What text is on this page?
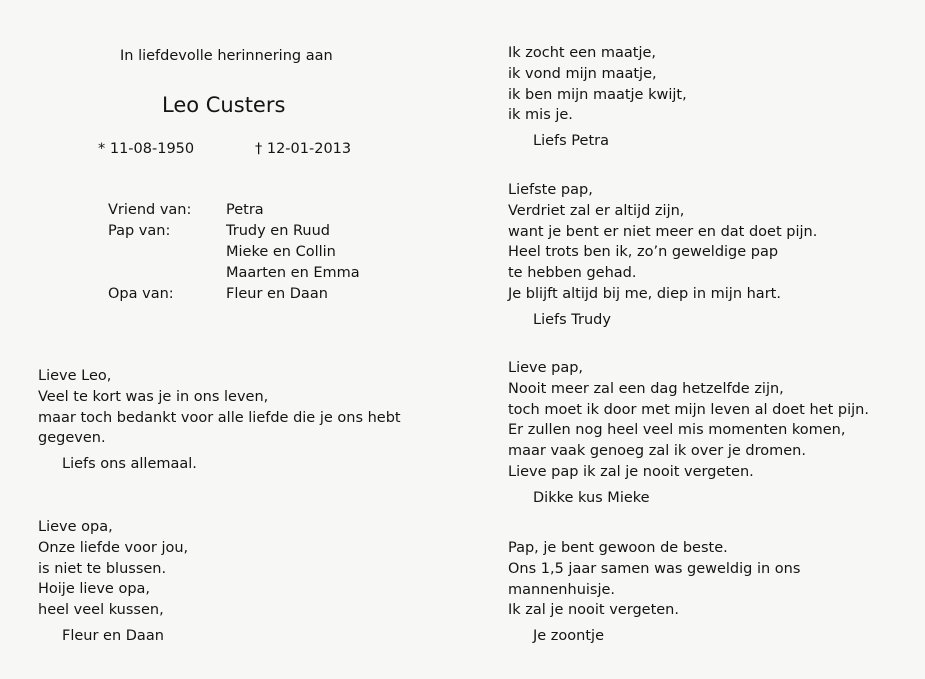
In liefdevolle herinnering aan
Leo Custers
* 11-08-1950	† 12-01-2013
Vriend van: Petra
Pap van:	Trudy en Ruud
Mieke en Collin
Maarten en Emma
Opa van:	Fleur en Daan
Lieve Leo,
Veel te kort was je in ons leven,
maar toch bedankt voor alle liefde die je ons hebt
gegeven.
Liefs ons allemaal.
Lieve opa,
Onze liefde voor jou,
is niet te blussen.
Hoije lieve opa,
heel veel kussen,
Fleur en Daan
Ik zocht een maatje,
ik vond mijn maatje,
ik ben mijn maatje kwijt,
ik mis je.
Liefs Petra
Liefste pap,
Verdriet zal er altijd zijn,
want je bent er niet meer en dat doet pijn.
Heel trots ben ik, zo’n geweldige pap
te hebben gehad.
Je blijft altijd bij me, diep in mijn hart.
Liefs Trudy
Lieve pap,
Nooit meer zal een dag hetzelfde zijn,
toch moet ik door met mijn leven al doet het pijn.
Er zullen nog heel veel mis momenten komen,
maar vaak genoeg zal ik over je dromen.
Lieve pap ik zal je nooit vergeten.
Dikke kus Mieke
Pap, je bent gewoon de beste.
Ons 1,5 jaar samen was geweldig in ons
mannenhuisje.
Ik zal je nooit vergeten.
Je zoontje
